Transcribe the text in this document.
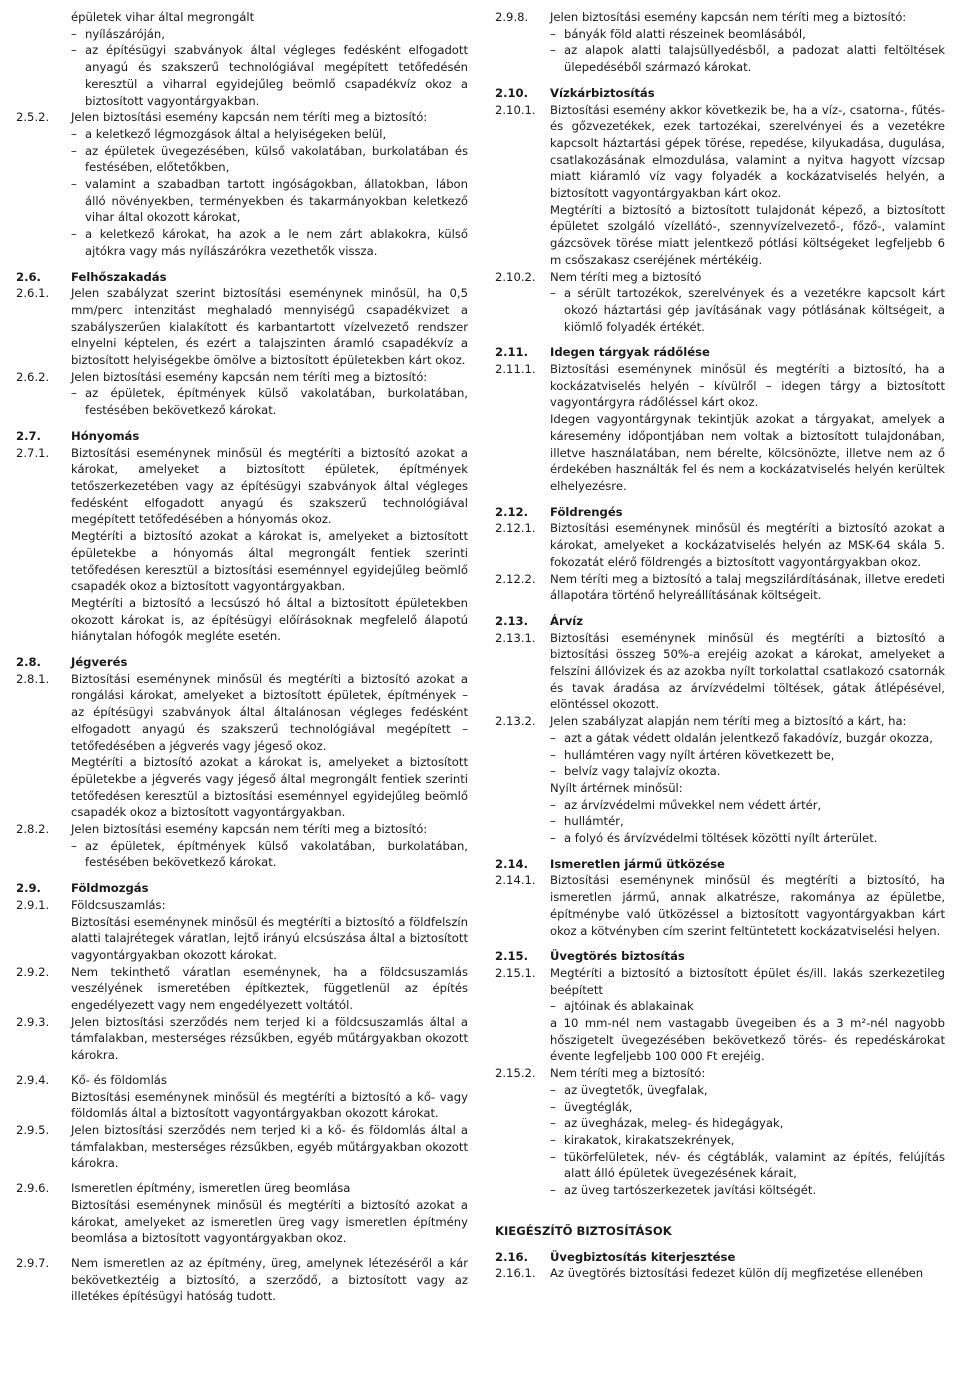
épületek vihar által megrongált
– nyílászáróján,
– az építésügyi szabványok által végleges fedésként elfogadott anyagú és szakszerű technológiával megépített tetőfedésén keresztül a viharral egyidejűleg beömlő csapadékvíz okoz a biztosított vagyontárgyakban.
2.5.2.	Jelen biztosítási esemény kapcsán nem téríti meg a biztosító:
– a keletkező légmozgások által a helyiségeken belül,
– az épületek üvegezésében, külső vakolatában, burkolatában és festésében, előtetőkben,
– valamint a szabadban tartott ingóságokban, állatokban, lábon álló növényekben, terményekben és takarmányokban keletkező vihar által okozott károkat,
– a keletkező károkat, ha azok a le nem zárt ablakokra, külső ajtókra vagy más nyílászárókra vezethetők vissza.
2.6.	Felhőszakadás
2.6.1.	Jelen szabályzat szerint biztosítási eseménynek minősül, ha 0,5 mm/perc intenzitást meghaladó mennyiségű csapadékvizet a szabályszerűen kialakított és karbantartott vízelvezető rendszer elnyelni képtelen, és ezért a talajszinten áramló csapadékvíz a biztosított helyiségekbe ömölve a biztosított épületekben kárt okoz.
2.6.2.	Jelen biztosítási esemény kapcsán nem téríti meg a biztosító:
– az épületek, építmények külső vakolatában, burkolatában, festésében bekövetkező károkat.
2.7.	Hónyomás
2.7.1.	Biztosítási eseménynek minősül és megtéríti a biztosító azokat a károkat, amelyeket a biztosított épületek, építmények tetőszerkezetében vagy az építésügyi szabványok által végleges fedésként elfogadott anyagú és szakszerű technológiával megépített tetőfedésében a hónyomás okoz.
Megtéríti a biztosító azokat a károkat is, amelyeket a biztosított épületekbe a hónyomás által megrongált fentiek szerinti tetőfedésen keresztül a biztosítási eseménnyel egyidejűleg beömlő csapadék okoz a biztosított vagyontárgyakban.
Megtéríti a biztosító a lecsúszó hó által a biztosított épületekben okozott károkat is, az építésügyi előírásoknak megfelelő álapotú hiánytalan hófogók megléte esetén.
2.8.	Jégverés
2.8.1.	Biztosítási eseménynek minősül és megtéríti a biztosító azokat a rongálási károkat, amelyeket a biztosított épületek, építmények – az építésügyi szabványok által általánosan végleges fedésként elfogadott anyagú és szakszerű technológiával megépített – tetőfedésében a jégverés vagy jégeső okoz.
Megtéríti a biztosító azokat a károkat is, amelyeket a biztosított épületekbe a jégverés vagy jégeső által megrongált fentiek szerinti tetőfedésen keresztül a biztosítási eseménnyel egyidejűleg beömlő csapadék okoz a biztosított vagyontárgyakban.
2.8.2.	Jelen biztosítási esemény kapcsán nem téríti meg a biztosító:
– az épületek, építmények külső vakolatában, burkolatában, festésében bekövetkező károkat.
2.9.	Földmozgás
2.9.1.	Földcsuszamlás:
Biztosítási eseménynek minősül és megtéríti a biztosító a földfelszín alatti talajrétegek váratlan, lejtő irányú elcsúszása által a biztosított vagyontárgyakban okozott károkat.
2.9.2.	Nem tekinthető váratlan eseménynek, ha a földcsuszamlás veszélyének ismeretében építkeztek, függetlenül az építés engedélyezett vagy nem engedélyezett voltától.
2.9.3.	Jelen biztosítási szerződés nem terjed ki a földcsuszamlás által a támfalakban, mesterséges rézsűkben, egyéb műtárgyakban okozott károkra.
2.9.4.	Kő- és földomlás
Biztosítási eseménynek minősül és megtéríti a biztosító a kő- vagy földomlás által a biztosított vagyontárgyakban okozott károkat.
2.9.5.	Jelen biztosítási szerződés nem terjed ki a kő- és földomlás által a támfalakban, mesterséges rézsűkben, egyéb műtárgyakban okozott károkra.
2.9.6.	Ismeretlen építmény, ismeretlen üreg beomlása
Biztosítási eseménynek minősül és megtéríti a biztosító azokat a károkat, amelyeket az ismeretlen üreg vagy ismeretlen építmény beomlása a biztosított vagyontárgyakban okoz.
2.9.7.	Nem ismeretlen az az építmény, üreg, amelynek létezéséről a kár bekövetkeztéig a biztosító, a szerződő, a biztosított vagy az illetékes építésügyi hatóság tudott.
2.9.8.	Jelen biztosítási esemény kapcsán nem téríti meg a biztosító:
– bányák föld alatti részeinek beomlásából,
– az alapok alatti talajsüllyedésből, a padozat alatti feltöltések ülepedéséből származó károkat.
2.10.	Vízkárbiztosítás
2.10.1.	Biztosítási esemény akkor következik be, ha a víz-, csatorna-, fűtés- és gőzvezetékek, ezek tartozékai, szerelvényei és a vezetékre kapcsolt háztartási gépek törése, repedése, kilyukadása, dugulása, csatlakozásának elmozdulása, valamint a nyitva hagyott vízcsap miatt kiáramló víz vagy folyadék a kockázatviselés helyén, a biztosított vagyontárgyakban kárt okoz.
Megtéríti a biztosító a biztosított tulajdonát képező, a biztosított épületet szolgáló vízellátó-, szennyvízelvezető-, főző-, valamint gázcsövek törése miatt jelentkező pótlási költségeket legfeljebb 6 m csőszakasz cseréjének mértékéig.
2.10.2.	Nem téríti meg a biztosító
– a sérült tartozékok, szerelvények és a vezetékre kapcsolt kárt okozó háztartási gép javításának vagy pótlásának költségeit, a kiömlő folyadék értékét.
2.11.	Idegen tárgyak rádőlése
2.11.1.	Biztosítási eseménynek minősül és megtéríti a biztosító, ha a kockázatviselés helyén – kívülről – idegen tárgy a biztosított vagyontárgyra rádőléssel kárt okoz.
Idegen vagyontárgynak tekintjük azokat a tárgyakat, amelyek a káresemény időpontjában nem voltak a biztosított tulajdonában, illetve használatában, nem bérelte, kölcsönözte, illetve nem az ő érdekében használták fel és nem a kockázatviselés helyén kerültek elhelyezésre.
2.12.	Földrengés
2.12.1.	Biztosítási eseménynek minősül és megtéríti a biztosító azokat a károkat, amelyeket a kockázatviselés helyén az MSK-64 skála 5. fokozatát elérő földrengés a biztosított vagyontárgyakban okoz.
2.12.2.	Nem téríti meg a biztosító a talaj megszilárdításának, illetve eredeti állapotára történő helyreállításának költségeit.
2.13.	Árvíz
2.13.1.	Biztosítási eseménynek minősül és megtéríti a biztosító a biztosítási összeg 50%-a erejéig azokat a károkat, amelyeket a felszíni állóvizek és az azokba nyílt torkolattal csatlakozó csatornák és tavak áradása az árvízvédelmi töltések, gátak átlépésével, elöntéssel okozott.
2.13.2.	Jelen szabályzat alapján nem téríti meg a biztosító a kárt, ha:
– azt a gátak védett oldalán jelentkező fakadóvíz, buzgár okozza,
– hullámtéren vagy nyílt ártéren következett be,
– belvíz vagy talajvíz okozta.
Nyílt ártérnek minősül:
– az árvízvédelmi művekkel nem védett ártér,
– hullámtér,
– a folyó és árvízvédelmi töltések közötti nyílt árterület.
2.14.	Ismeretlen jármű ütközése
2.14.1.	Biztosítási eseménynek minősül és megtéríti a biztosító, ha ismeretlen jármű, annak alkatrésze, rakománya az épületbe, építménybe való ütközéssel a biztosított vagyontárgyakban kárt okoz a kötvényben cím szerint feltüntetett kockázatviselési helyen.
2.15.	Üvegtörés biztosítás
2.15.1.	Megtéríti a biztosító a biztosított épület és/ill. lakás szerkezetileg beépített
– ajtóinak és ablakainak
a 10 mm-nél nem vastagabb üvegeiben és a 3 m²-nél nagyobb hőszigetelt üvegezésében bekövetkező törés- és repedéskárokat évente legfeljebb 100 000 Ft erejéig.
2.15.2.	Nem téríti meg a biztosító:
– az üvegtetők, üvegfalak,
– üvegtéglák,
– az üvegházak, meleg- és hidegágyak,
– kirakatok, kirakatszekrények,
– tükörfelületek, név- és cégtáblák, valamint az építés, felújítás alatt álló épületek üvegezésének kárait,
– az üveg tartószerkezetek javítási költségét.
KIEGÉSZÍTŐ BIZTOSÍTÁSOK
2.16.	Üvegbiztosítás kiterjesztése
2.16.1.	Az üvegtörés biztosítási fedezet külön díj megfizetése ellenében
